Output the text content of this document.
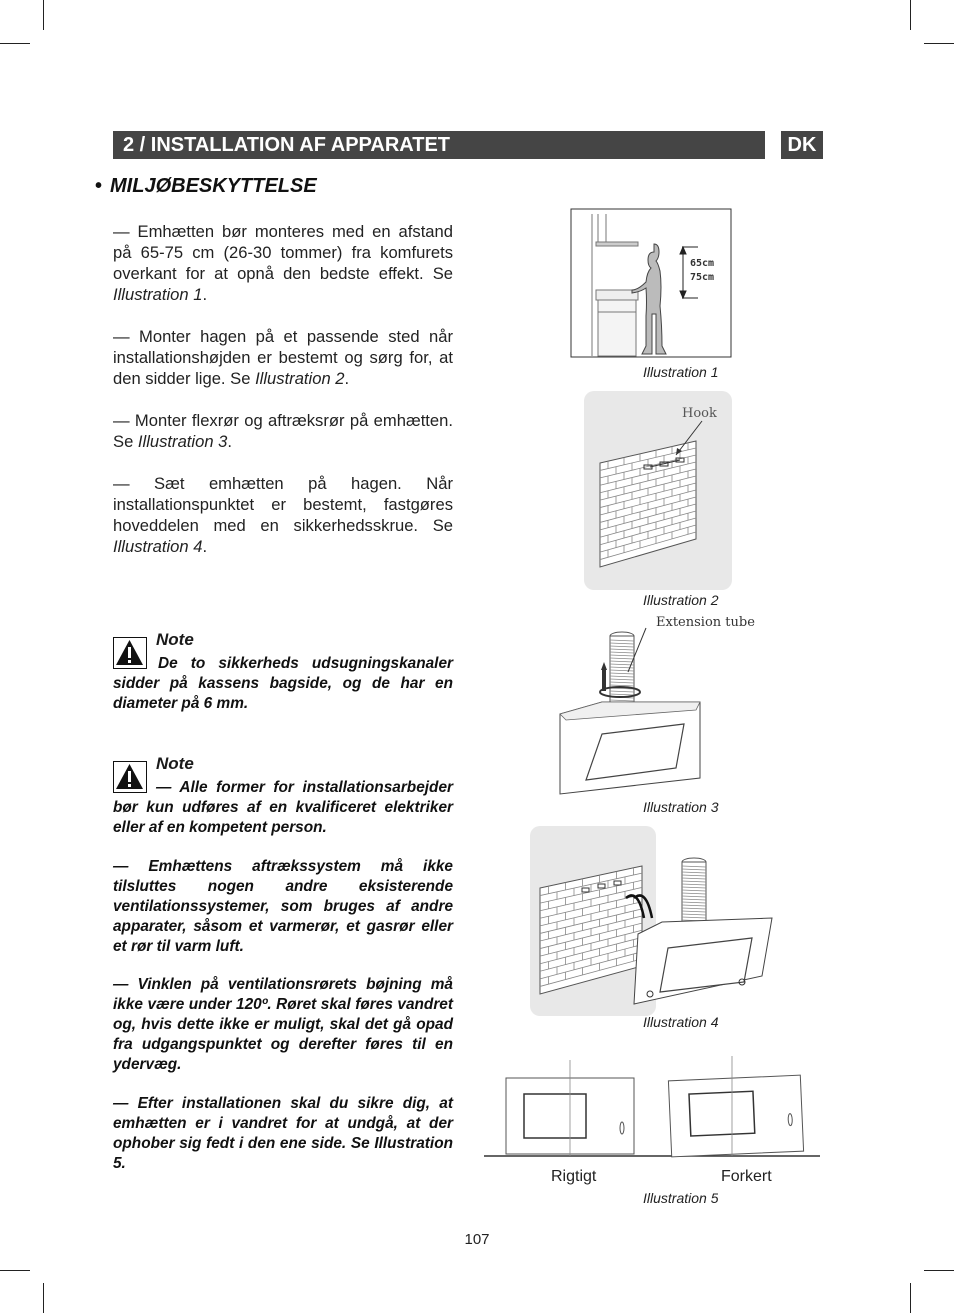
2 / INSTALLATION AF APPARATET	DK
• MILJØBESKYTTELSE
— Emhætten bør monteres med en afstand på 65-75 cm (26-30 tommer) fra komfurets overkant for at opnå den bedste effekt. Se Illustration 1.
— Monter hagen på et passende sted når installationshøjden er bestemt og sørg for, at den sidder lige. Se Illustration 2.
— Monter flexrør og aftræksrør på emhætten. Se Illustration 3.
— Sæt emhætten på hagen. Når installationspunktet er bestemt, fastgøres hoveddelen med en sikkerhedsskrue. Se Illustration 4.
Note
De to sikkerheds udsugningskanaler sidder på kassens bagside, og de har en diameter på 6 mm.
Note
— Alle former for installationsarbejder bør kun udføres af en kvalificeret elektriker eller af en kompetent person.
— Emhættens aftrækssystem må ikke tilsluttes nogen andre eksisterende ventilationssystemer, som bruges af andre apparater, såsom et varmerør, et gasrør eller et rør til varm luft.
— Vinklen på ventilationsrørets bøjning må ikke være under 120º. Røret skal føres vandret og, hvis dette ikke er muligt, skal det gå opad fra udgangspunktet og derefter føres til en ydervæg.
— Efter installationen skal du sikre dig, at emhætten er i vandret for at undgå, at der ophober sig fedt i den ene side. Se Illustration 5.
65cm
75cm
Illustration 1
Hook
Illustration 2
Extension tube
Illustration 3
Illustration 4
Rigtigt	Forkert
Illustration 5
107
